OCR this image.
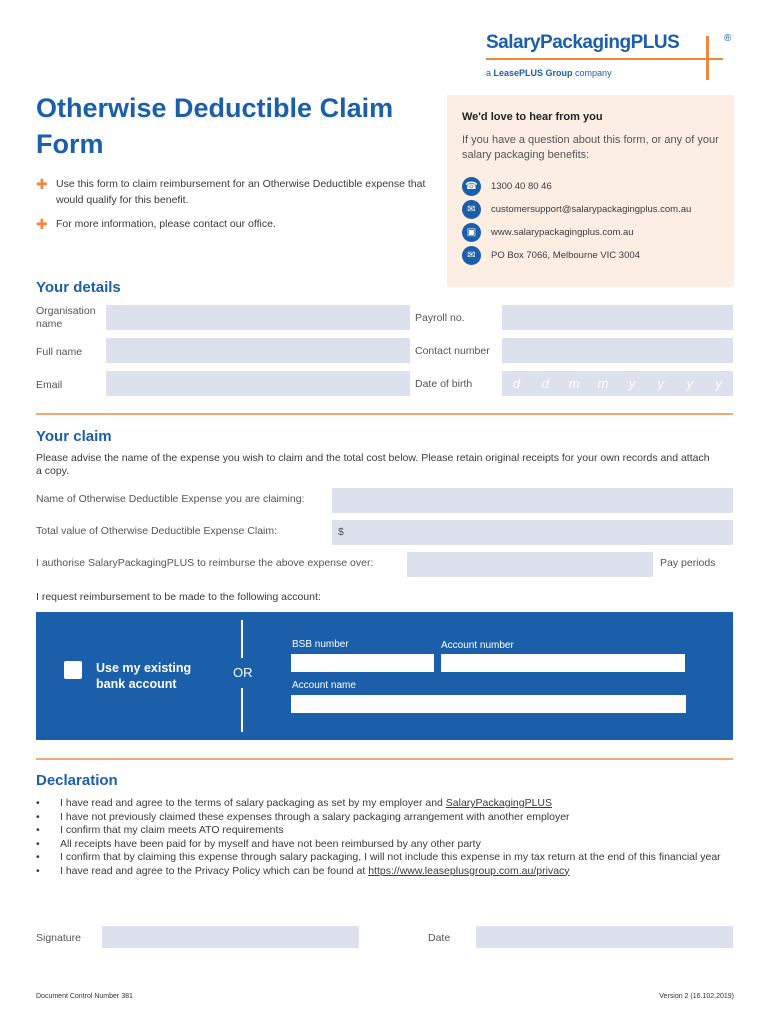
SalaryPackagingPLUS	®
a LeasePLUS Group company
Otherwise Deductible Claim Form
✚ Use this form to claim reimbursement for an Otherwise Deductible expense that would qualify for this benefit.
✚ For more information, please contact our office.
We'd love to hear from you
If you have a question about this form, or any of your salary packaging benefits:
☎	1300 40 80 46
✉	customersupport@salarypackagingplus.com.au
▣	www.salarypackagingplus.com.au
✉	PO Box 7066, Melbourne VIC 3004
Your details
Organisation name	Payroll no.
Full name	Contact number
Email	Date of birth	d	d	m	m	y	y	y	y
Your claim
Please advise the name of the expense you wish to claim and the total cost below. Please retain original receipts for your own records and attach a copy.
Name of Otherwise Deductible Expense you are claiming:
Total value of Otherwise Deductible Expense Claim:	$
I authorise SalaryPackagingPLUS to reimburse the above expense over:	Pay periods
I request reimbursement to be made to the following account:
Use my existing bank account
OR
BSB number	Account number
Account name
Declaration
• I have read and agree to the terms of salary packaging as set by my employer and SalaryPackagingPLUS
• I have not previously claimed these expenses through a salary packaging arrangement with another employer
• I confirm that my claim meets ATO requirements
• All receipts have been paid for by myself and have not been reimbursed by any other party
• I confirm that by claiming this expense through salary packaging, I will not include this expense in my tax return at the end of this financial year
• I have read and agree to the Privacy Policy which can be found at https://www.leaseplusgroup.com.au/privacy
Signature	Date
Document Control Number 381	Version 2 (16.102.2019)
